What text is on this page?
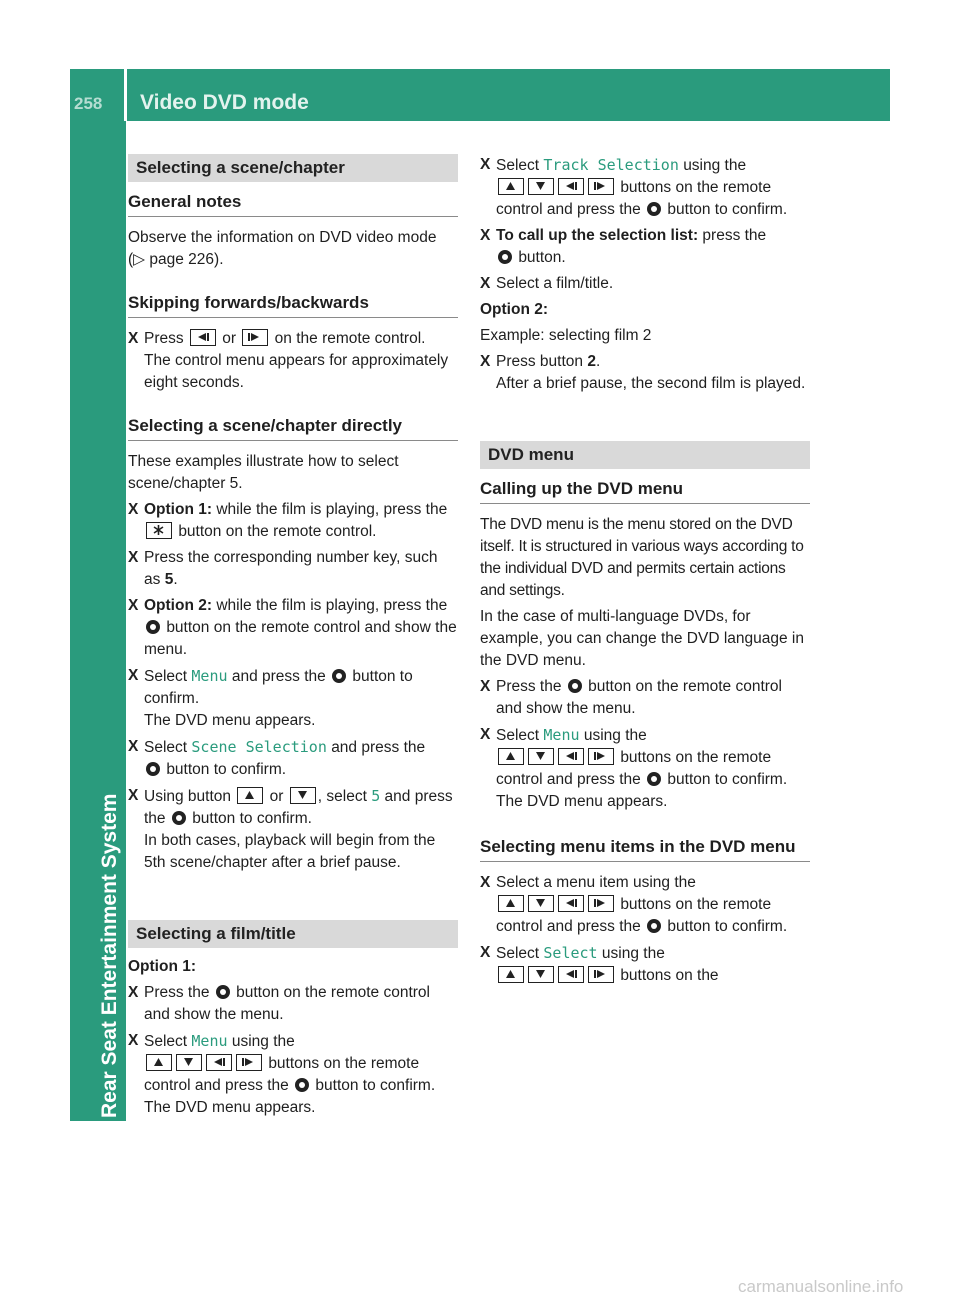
258	Video DVD mode
Rear Seat Entertainment System
Selecting a scene/chapter
General notes
Observe the information on DVD video mode
(▷ page 226).
Skipping forwards/backwards
X Press or on the remote control.
The control menu appears for approximately eight seconds.
Selecting a scene/chapter directly
These examples illustrate how to select scene/chapter 5.
X Option 1: while the film is playing, press the
button on the remote control.
X Press the corresponding number key, such as 5.
X Option 2: while the film is playing, press the  button on the remote control and show the menu.
X Select Menu and press the button to confirm.
The DVD menu appears.
X Select Scene Selection and press the
button to confirm.
X Using button or , select 5 and press the button to confirm.
In both cases, playback will begin from the 5th scene/chapter after a brief pause.
Selecting a film/title
Option 1:
X Press the button on the remote control and show the menu.
X Select Menu using the

buttons on the remote control and press the button to confirm.
The DVD menu appears.
X Select Track Selection using the

buttons on the remote control and press the button to confirm.
X To call up the selection list: press the
button.
X Select a film/title.
Option 2:
Example: selecting film 2
X Press button 2.
After a brief pause, the second film is played.
DVD menu
Calling up the DVD menu
The DVD menu is the menu stored on the DVD itself. It is structured in various ways according to the individual DVD and permits certain actions and settings.
In the case of multi-language DVDs, for example, you can change the DVD language in the DVD menu.
X Press the button on the remote control and show the menu.
X Select Menu using the

buttons on the remote control and press the button to confirm.
The DVD menu appears.
Selecting menu items in the DVD menu
X Select a menu item using the

buttons on the remote control and press the button to confirm.
X Select Select using the

buttons on the
carmanualsonline.info
